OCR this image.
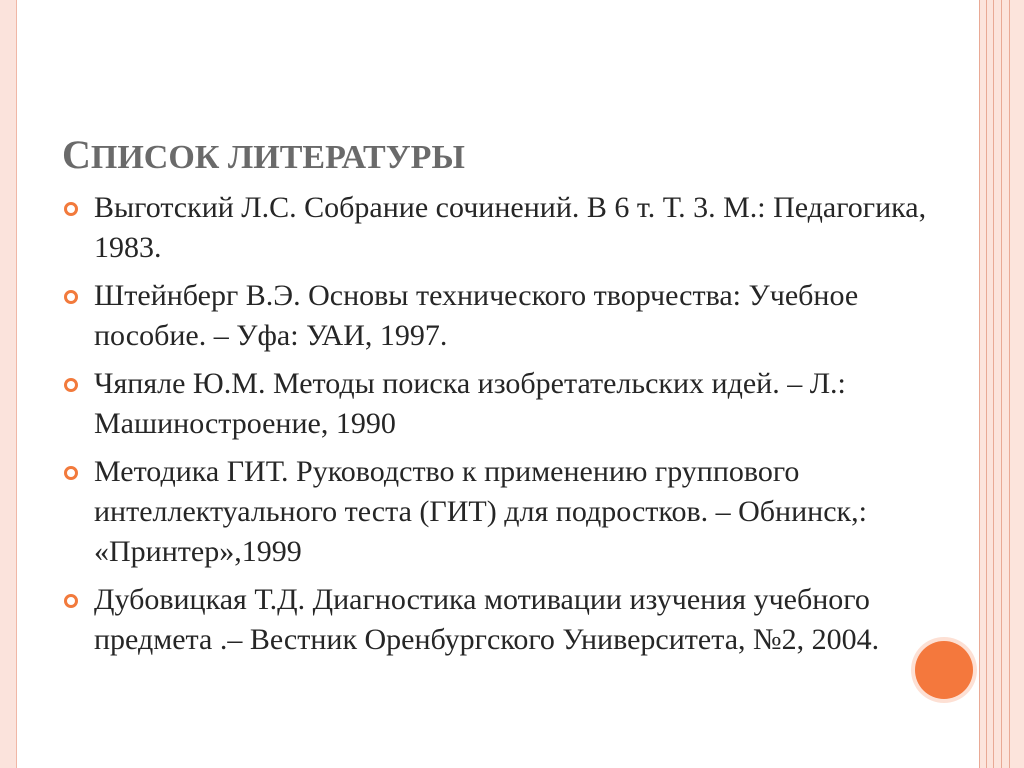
СПИСОК ЛИТЕРАТУРЫ
Выготский Л.С. Собрание сочинений. В 6 т. Т. 3. М.: Педагогика, 1983.
Штейнберг В.Э. Основы технического творчества: Учебное пособие. – Уфа: УАИ, 1997.
Чяпяле Ю.М. Методы поиска изобретательских идей. – Л.: Машиностроение, 1990
Методика ГИТ. Руководство к применению группового интеллектуального теста (ГИТ) для подростков. – Обнинск,: «Принтер»,1999
Дубовицкая Т.Д. Диагностика мотивации изучения учебного предмета .– Вестник Оренбургского Университета, №2, 2004.
